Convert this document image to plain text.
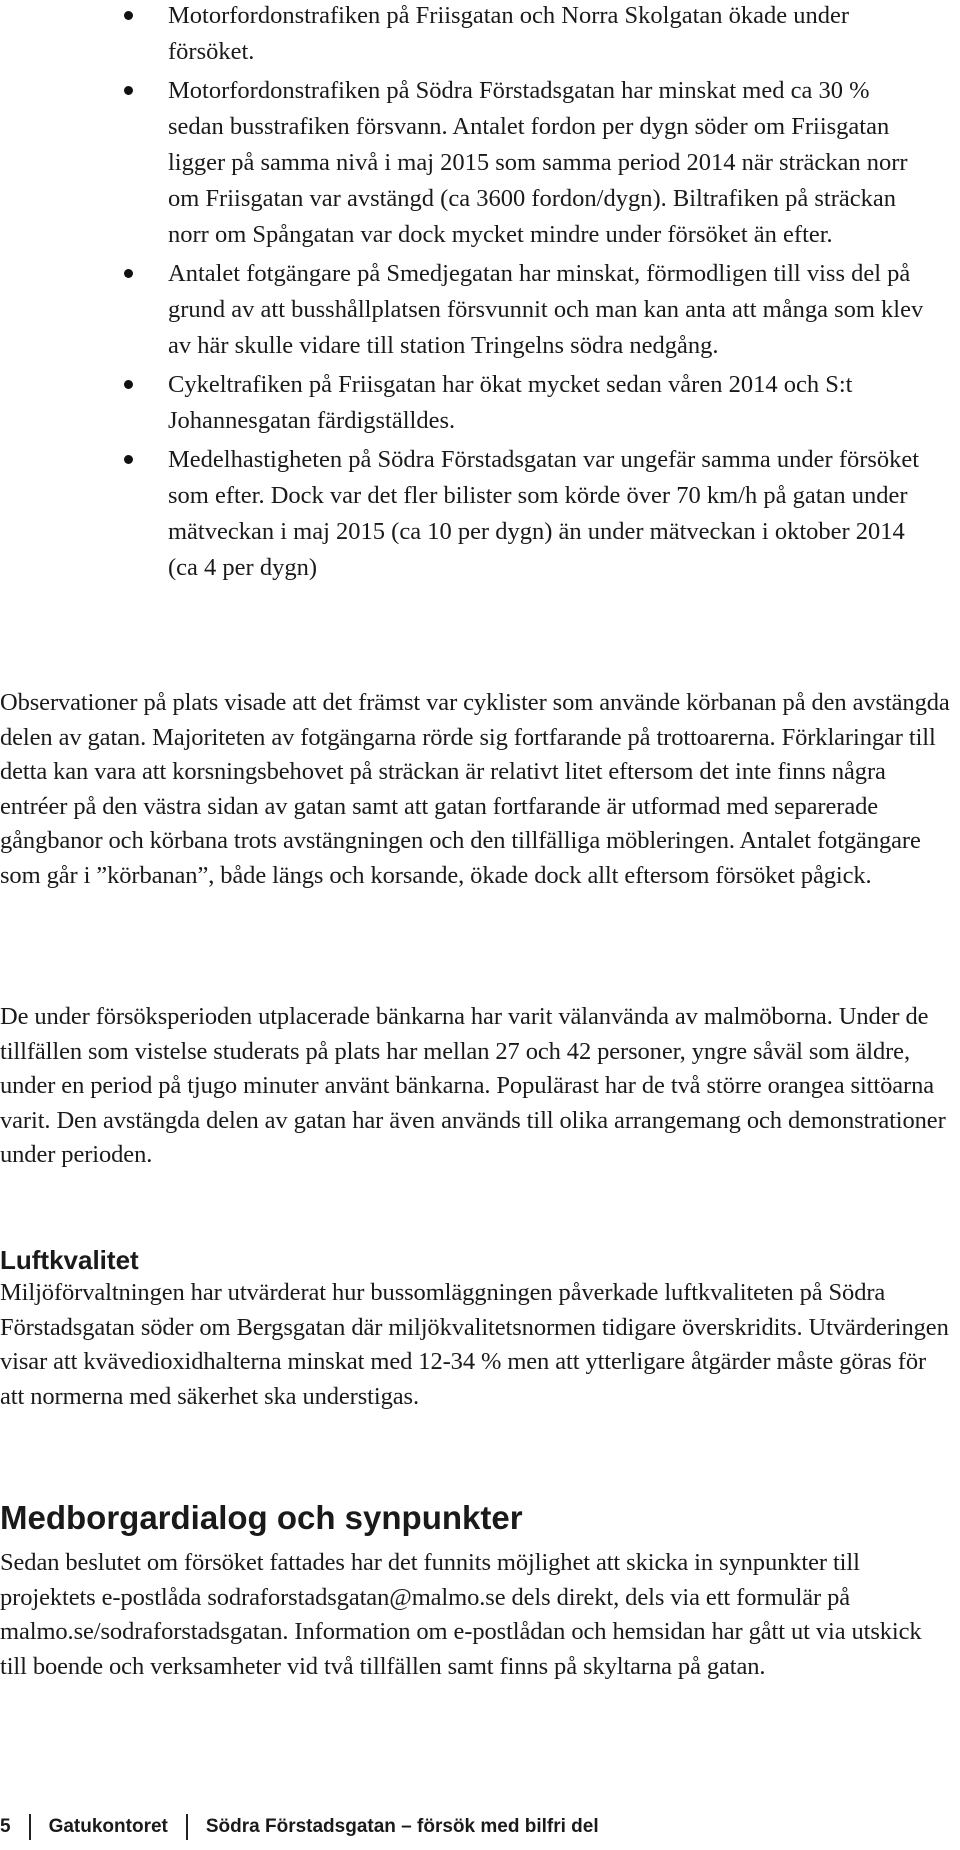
Motorfordonstrafiken på Friisgatan och Norra Skolgatan ökade under försöket.
Motorfordonstrafiken på Södra Förstadsgatan har minskat med ca 30 % sedan busstrafiken försvann. Antalet fordon per dygn söder om Friisgatan ligger på samma nivå i maj 2015 som samma period 2014 när sträckan norr om Friisgatan var avstängd (ca 3600 fordon/dygn). Biltrafiken på sträckan norr om Spångatan var dock mycket mindre under försöket än efter.
Antalet fotgängare på Smedjegatan har minskat, förmodligen till viss del på grund av att busshållplatsen försvunnit och man kan anta att många som klev av här skulle vidare till station Tringelns södra nedgång.
Cykeltrafiken på Friisgatan har ökat mycket sedan våren 2014 och S:t Johannesgatan färdigställdes.
Medelhastigheten på Södra Förstadsgatan var ungefär samma under försöket som efter. Dock var det fler bilister som körde över 70 km/h på gatan under mätveckan i maj 2015 (ca 10 per dygn) än under mätveckan i oktober 2014 (ca 4 per dygn)

Observationer på plats visade att det främst var cyklister som använde körbanan på den avstängda delen av gatan. Majoriteten av fotgängarna rörde sig fortfarande på trottoarerna. Förklaringar till detta kan vara att korsningsbehovet på sträckan är relativt litet eftersom det inte finns några entréer på den västra sidan av gatan samt att gatan fortfarande är utformad med separerade gångbanor och körbana trots avstängningen och den tillfälliga möbleringen. Antalet fotgängare som går i ”körbanan”, både längs och korsande, ökade dock allt eftersom försöket pågick.

De under försöksperioden utplacerade bänkarna har varit välanvända av malmöborna. Under de tillfällen som vistelse studerats på plats har mellan 27 och 42 personer, yngre såväl som äldre, under en period på tjugo minuter använt bänkarna. Populärast har de två större orangea sittöarna varit. Den avstängda delen av gatan har även används till olika arrangemang och demonstrationer under perioden.

Luftkvalitet

Miljöförvaltningen har utvärderat hur bussomläggningen påverkade luftkvaliteten på Södra Förstadsgatan söder om Bergsgatan där miljökvalitetsnormen tidigare överskridits. Utvärderingen visar att kvävedioxidhalterna minskat med 12-34 % men att ytterligare åtgärder måste göras för att normerna med säkerhet ska understigas.

Medborgardialog och synpunkter

Sedan beslutet om försöket fattades har det funnits möjlighet att skicka in synpunkter till projektets e-postlåda sodraforstadsgatan@malmo.se dels direkt, dels via ett formulär på malmo.se/sodraforstadsgatan. Information om e-postlådan och hemsidan har gått ut via utskick till boende och verksamheter vid två tillfällen samt finns på skyltarna på gatan.

5 Gatukontoret Södra Förstadsgatan – försök med bilfri del
